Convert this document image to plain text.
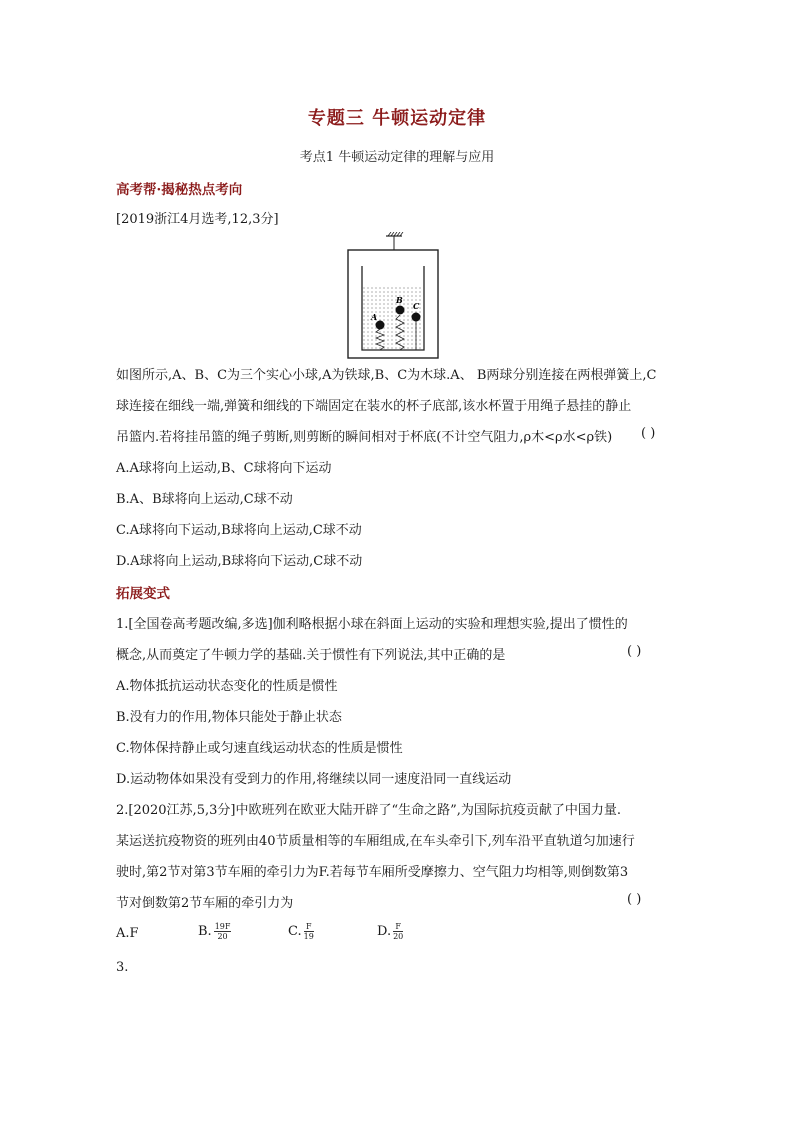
专题三 牛顿运动定律
考点1 牛顿运动定律的理解与应用
高考帮·揭秘热点考向
[2019浙江4月选考,12,3分]
A
B
C
如图所示,A、B、C为三个实心小球,A为铁球,B、C为木球.A、 B两球分别连接在两根弹簧上,C
球连接在细线一端,弹簧和细线的下端固定在装水的杯子底部,该水杯置于用绳子悬挂的静止
吊篮内.若将挂吊篮的绳子剪断,则剪断的瞬间相对于杯底(不计空气阻力,ρ木<ρ水<ρ铁) ( )
A.A球将向上运动,B、C球将向下运动
B.A、B球将向上运动,C球不动
C.A球将向下运动,B球将向上运动,C球不动
D.A球将向上运动,B球将向下运动,C球不动
拓展变式
1.[全国卷高考题改编,多选]伽利略根据小球在斜面上运动的实验和理想实验,提出了惯性的
概念,从而奠定了牛顿力学的基础.关于惯性有下列说法,其中正确的是	( )
A.物体抵抗运动状态变化的性质是惯性
B.没有力的作用,物体只能处于静止状态
C.物体保持静止或匀速直线运动状态的性质是惯性
D.运动物体如果没有受到力的作用,将继续以同一速度沿同一直线运动
2.[2020江苏,5,3分]中欧班列在欧亚大陆开辟了“生命之路”,为国际抗疫贡献了中国力量.
某运送抗疫物资的班列由40节质量相等的车厢组成,在车头牵引下,列车沿平直轨道匀加速行
驶时,第2节对第3节车厢的牵引力为F.若每节车厢所受摩擦力、空气阻力均相等,则倒数第3
节对倒数第2节车厢的牵引力为	( )
A.F	B. $\frac{19F}{20}$	C. $\frac{F}{19}$	D. $\frac{F}{20}$
3.
